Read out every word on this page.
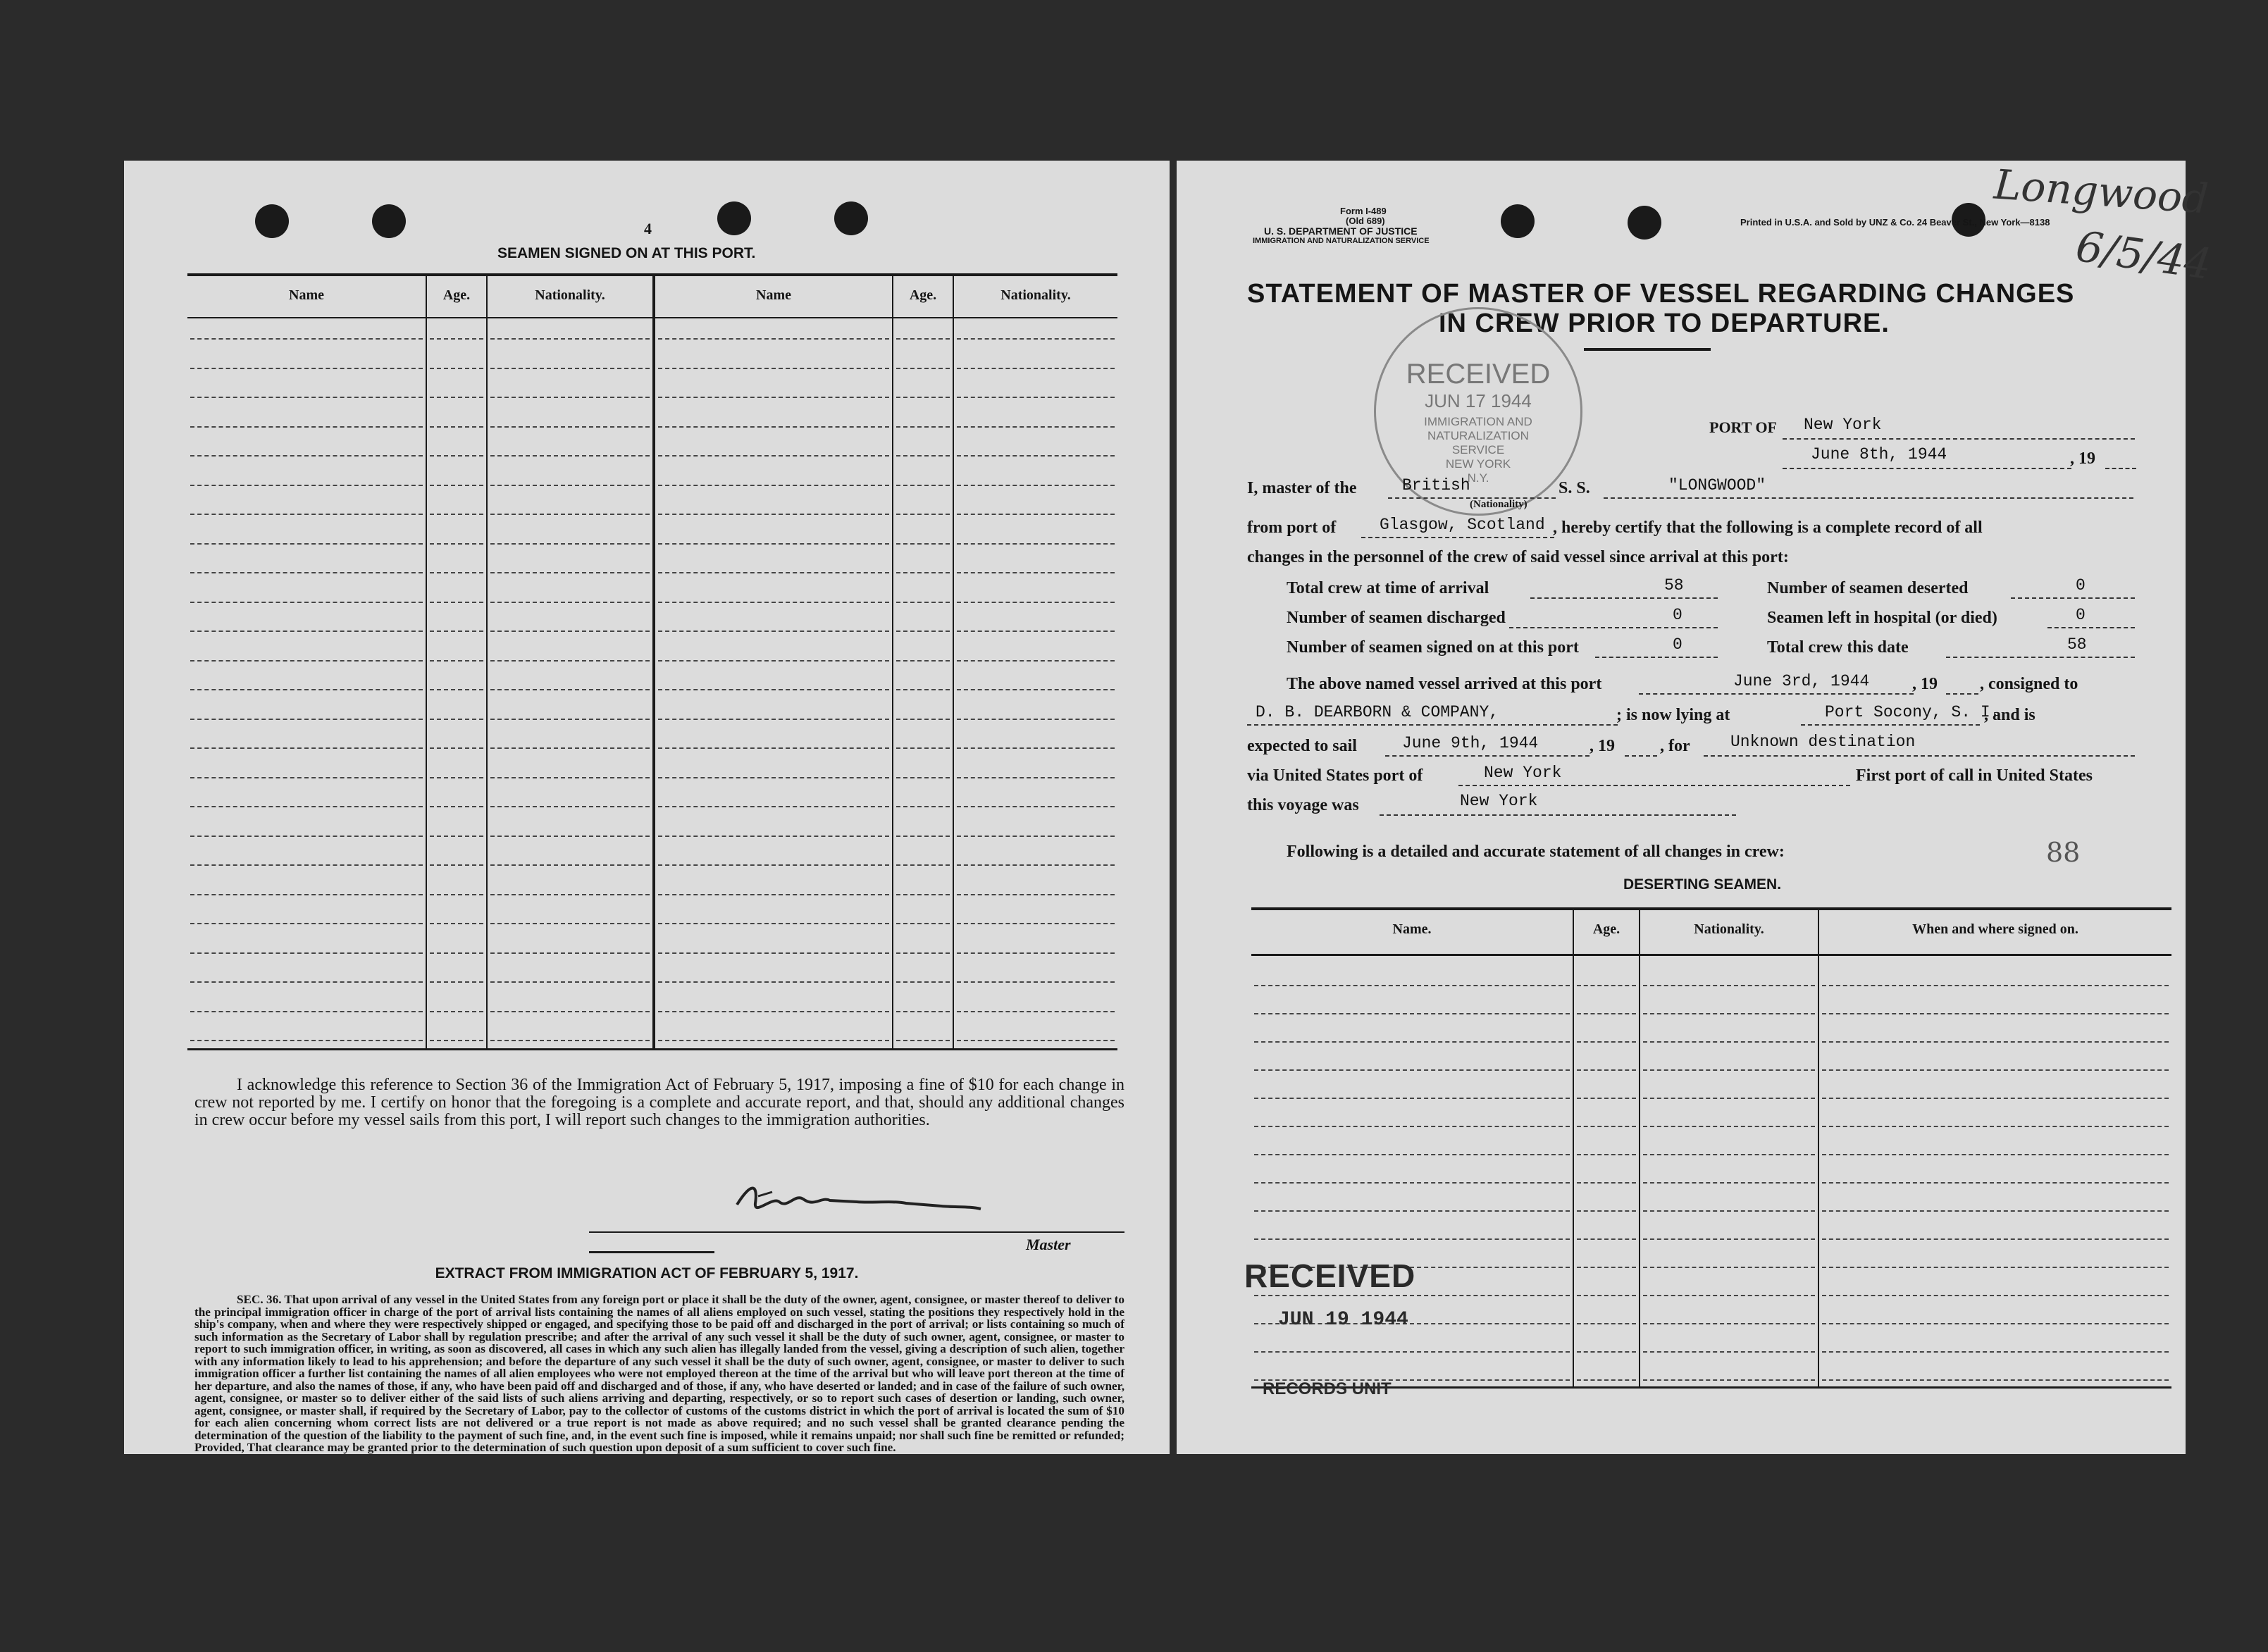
4
SEAMEN SIGNED ON AT THIS PORT.
Name	Age.	Nationality.	Name	Age.	Nationality.
I acknowledge this reference to Section 36 of the Immigration Act of February 5, 1917, imposing a fine of $10 for each change in crew not reported by me. I certify on honor that the foregoing is a complete and accurate report, and that, should any additional changes in crew occur before my vessel sails from this port, I will report such changes to the immigration authorities.
Master
EXTRACT FROM IMMIGRATION ACT OF FEBRUARY 5, 1917.
SEC. 36. That upon arrival of any vessel in the United States from any foreign port or place it shall be the duty of the owner, agent, consignee, or master thereof to deliver to the principal immigration officer in charge of the port of arrival lists containing the names of all aliens employed on such vessel, stating the positions they respectively hold in the ship's company, when and where they were respectively shipped or engaged, and specifying those to be paid off and discharged in the port of arrival; or lists containing so much of such information as the Secretary of Labor shall by regulation prescribe; and after the arrival of any such vessel it shall be the duty of such owner, agent, consignee, or master to report to such immigration officer, in writing, as soon as discovered, all cases in which any such alien has illegally landed from the vessel, giving a description of such alien, together with any information likely to lead to his apprehension; and before the departure of any such vessel it shall be the duty of such owner, agent, consignee, or master to deliver to such immigration officer a further list containing the names of all alien employees who were not employed thereon at the time of the arrival but who will leave port thereon at the time of her departure, and also the names of those, if any, who have been paid off and discharged and of those, if any, who have deserted or landed; and in case of the failure of such owner, agent, consignee, or master so to deliver either of the said lists of such aliens arriving and departing, respectively, or so to report such cases of desertion or landing, such owner, agent, consignee, or master shall, if required by the Secretary of Labor, pay to the collector of customs of the customs district in which the port of arrival is located the sum of $10 for each alien concerning whom correct lists are not delivered or a true report is not made as above required; and no such vessel shall be granted clearance pending the determination of the question of the liability to the payment of such fine, and, in the event such fine is imposed, while it remains unpaid; nor shall such fine be remitted or refunded; Provided, That clearance may be granted prior to the determination of such question upon deposit of a sum sufficient to cover such fine.
Form I-489
(Old 689)
U. S. DEPARTMENT OF JUSTICE
IMMIGRATION AND NATURALIZATION SERVICE
Printed in U.S.A. and Sold by UNZ & Co. 24 Beaver St., New York—8138
Longwood
6/5/44
STATEMENT OF MASTER OF VESSEL REGARDING CHANGES
IN CREW PRIOR TO DEPARTURE.
RECEIVED
JUN 17 1944
IMMIGRATION AND
NATURALIZATION
SERVICE
NEW YORK
N.Y.
PORT OF New York
June 8th, 1944	, 19
I, master of the	British
(Nationality)
S. S.	"LONGWOOD"
from port of	Glasgow, Scotland , hereby certify that the following is a complete record of all
changes in the personnel of the crew of said vessel since arrival at this port:
Total crew at time of arrival	58	Number of seamen deserted	0
Number of seamen discharged	0	Seamen left in hospital (or died)	0
Number of seamen signed on at this port	0	Total crew this date	58
The above named vessel arrived at this port	June 3rd, 1944	, 19	, consigned to
D. B. DEARBORN & COMPANY,	; is now lying at	Port Socony, S. I.
, and is
expected to sail	June 9th, 1944	, 19	, for Unknown destination
via United States port of	New York	First port of call in United States
this voyage was	New York
Following is a detailed and accurate statement of all changes in crew:	88
DESERTING SEAMEN.
Name.	Age.	Nationality.	When and where signed on.
RECEIVED
JUN 19 1944
RECORDS UNIT
